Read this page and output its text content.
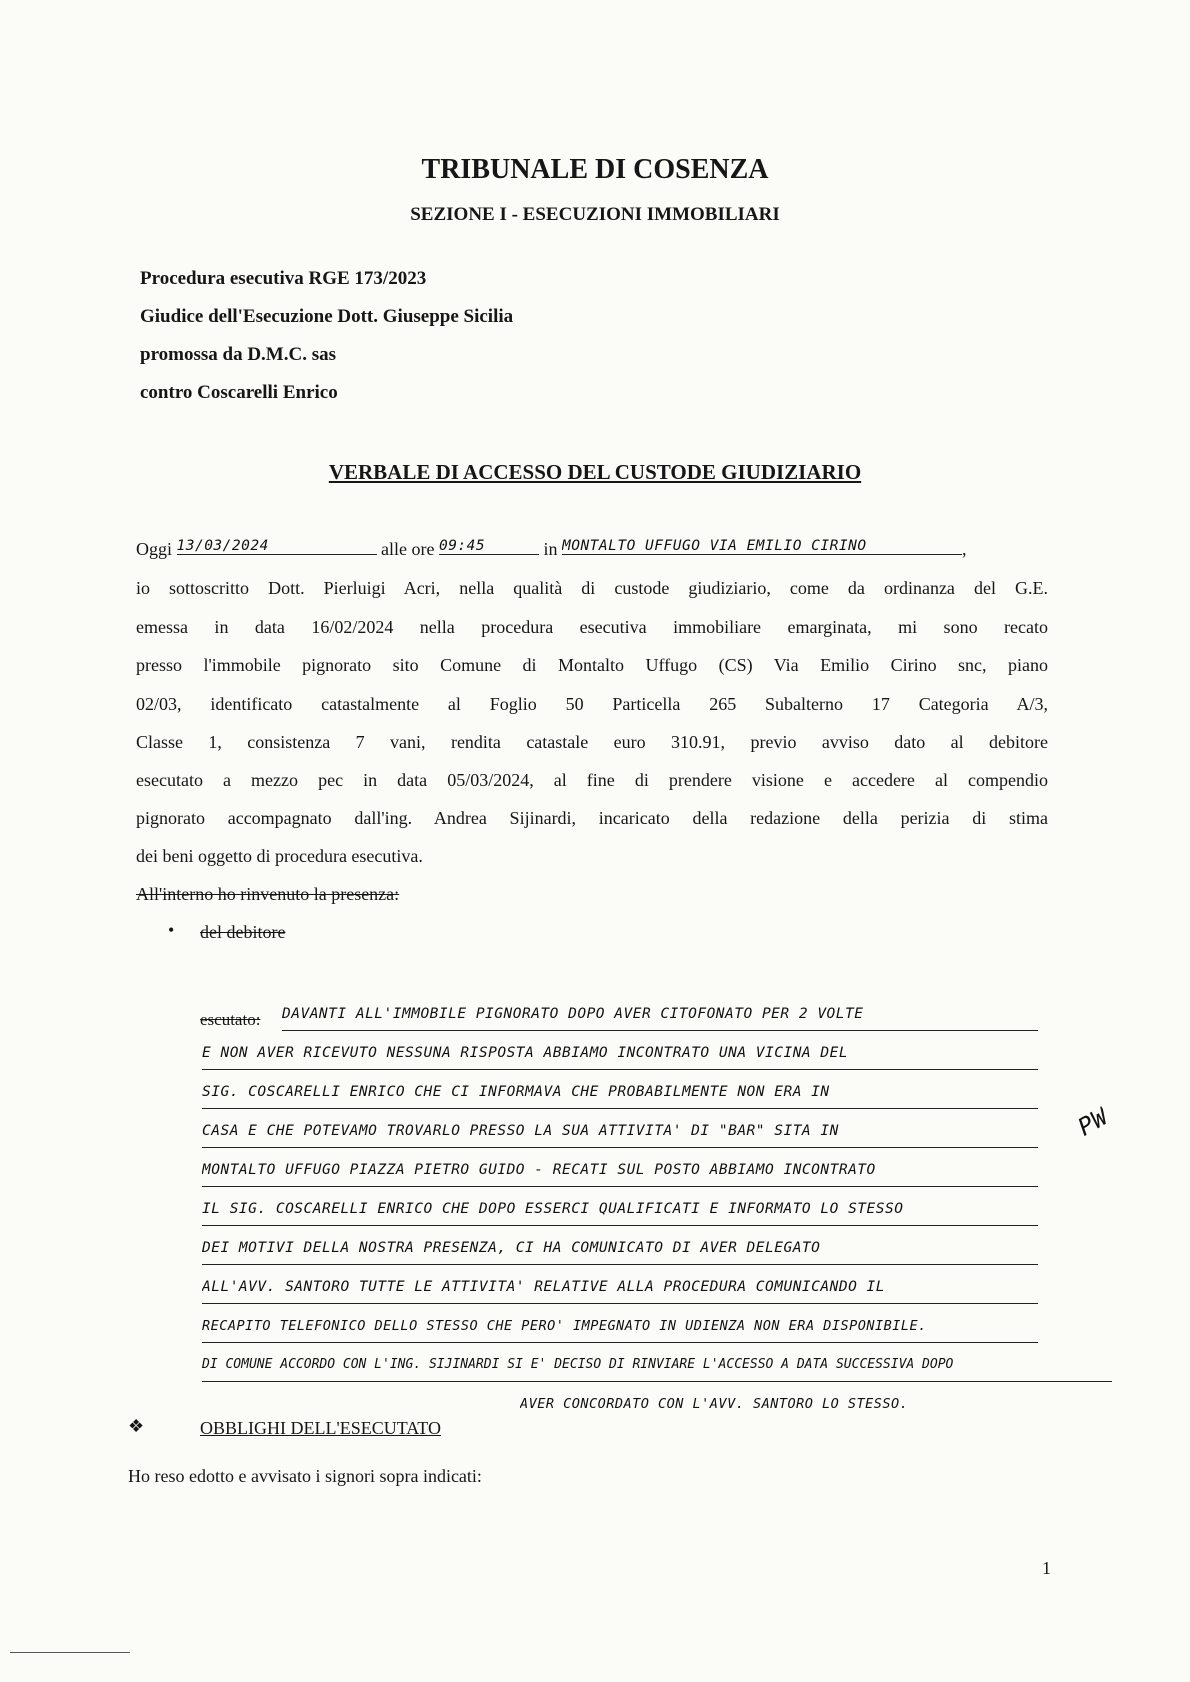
TRIBUNALE DI COSENZA
SEZIONE I - ESECUZIONI IMMOBILIARI
Procedura esecutiva RGE 173/2023
Giudice dell'Esecuzione Dott. Giuseppe Sicilia
promossa da D.M.C. sas
contro Coscarelli Enrico
VERBALE DI ACCESSO DEL CUSTODE GIUDIZIARIO
Oggi 13/03/2024	alle ore 09:45	in MONTALTO UFFUGO VIA EMILIO CIRINO	,
io sottoscritto Dott. Pierluigi Acri, nella qualità di custode giudiziario, come da ordinanza del G.E.
emessa in data 16/02/2024 nella procedura esecutiva immobiliare emarginata, mi sono recato
presso l'immobile pignorato sito Comune di Montalto Uffugo (CS) Via Emilio Cirino snc, piano
02/03, identificato catastalmente al Foglio 50 Particella 265 Subalterno 17 Categoria A/3,
Classe 1, consistenza 7 vani, rendita catastale euro 310.91, previo avviso dato al debitore
esecutato a mezzo pec in data 05/03/2024, al fine di prendere visione e accedere al compendio
pignorato accompagnato dall'ing. Andrea Sijinardi, incaricato della redazione della perizia di stima
dei beni oggetto di procedura esecutiva.
All'interno ho rinvenuto la presenza:
• del debitore
escutato: DAVANTI ALL'IMMOBILE PIGNORATO DOPO AVER CITOFONATO PER 2 VOLTE
E NON AVER RICEVUTO NESSUNA RISPOSTA ABBIAMO INCONTRATO UNA VICINA DEL
SIG. COSCARELLI ENRICO CHE CI INFORMAVA CHE PROBABILMENTE NON ERA IN
CASA E CHE POTEVAMO TROVARLO PRESSO LA SUA ATTIVITA' DI "BAR" SITA IN
MONTALTO UFFUGO PIAZZA PIETRO GUIDO - RECATI SUL POSTO ABBIAMO INCONTRATO
IL SIG. COSCARELLI ENRICO CHE DOPO ESSERCI QUALIFICATI E INFORMATO LO STESSO
DEI MOTIVI DELLA NOSTRA PRESENZA, CI HA COMUNICATO DI AVER DELEGATO
ALL'AVV. SANTORO TUTTE LE ATTIVITA' RELATIVE ALLA PROCEDURA COMUNICANDO IL
RECAPITO TELEFONICO DELLO STESSO CHE PERO' IMPEGNATO IN UDIENZA NON ERA DISPONIBILE.
DI COMUNE ACCORDO CON L'ING. SIJINARDI SI E' DECISO DI RINVIARE L'ACCESSO A DATA SUCCESSIVA DOPO
PW
❖	OBBLIGHI DELL'ESECUTATO
AVER CONCORDATO CON L'AVV. SANTORO LO STESSO.
Ho reso edotto e avvisato i signori sopra indicati:
1
